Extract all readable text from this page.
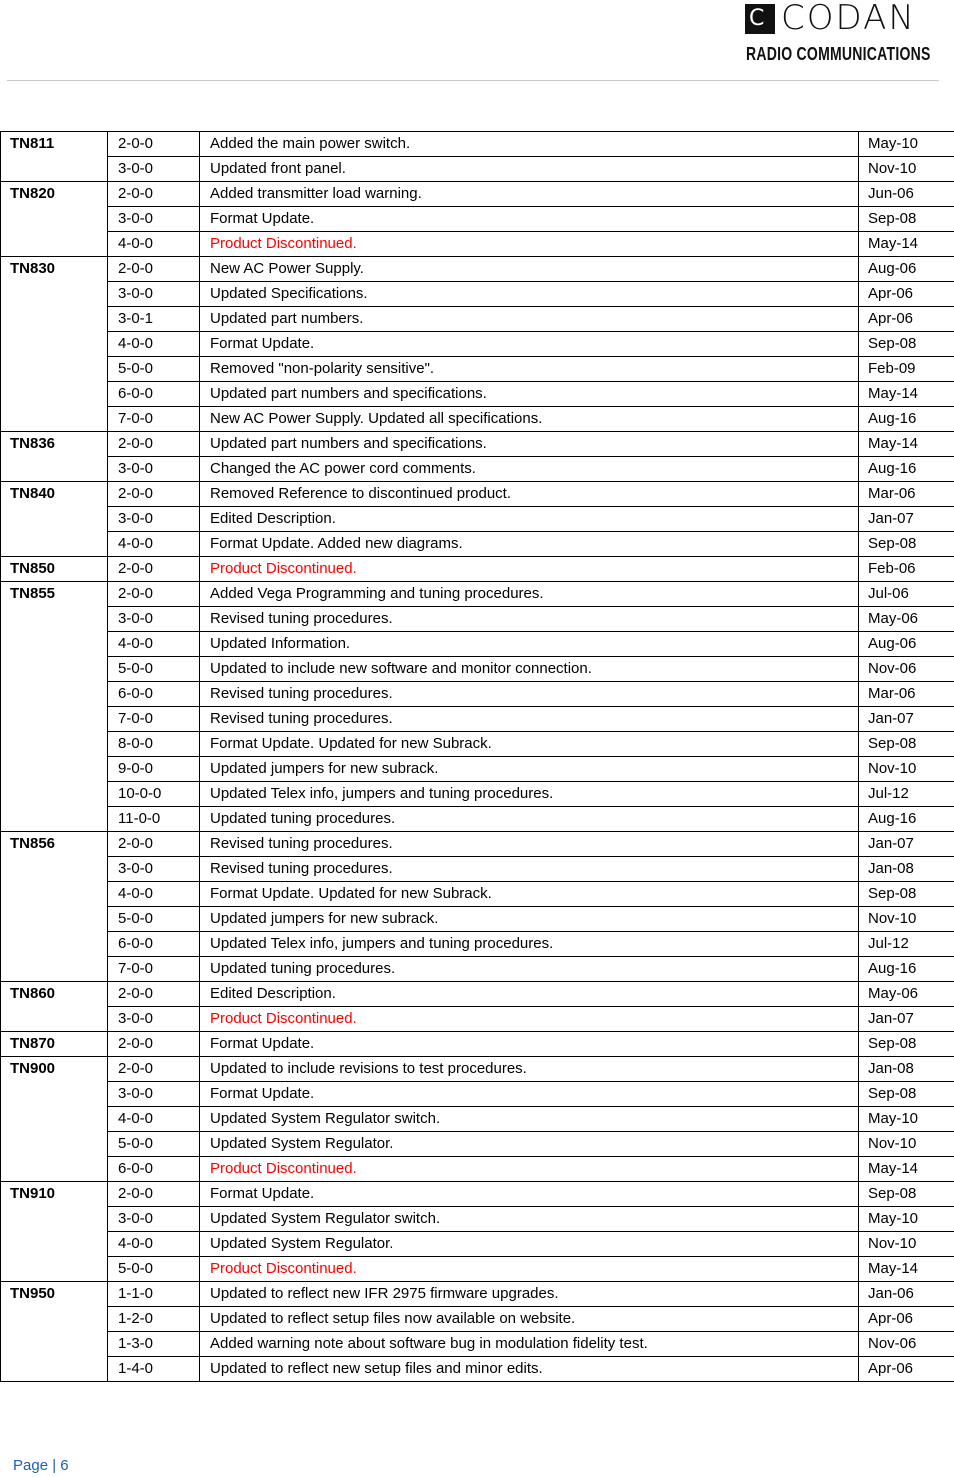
C CODAN
RADIO COMMUNICATIONS
TN811	2-0-0	Added the main power switch.	May-10
	3-0-0	Updated front panel.	Nov-10
TN820	2-0-0	Added transmitter load warning.	Jun-06
	3-0-0	Format Update.	Sep-08
	4-0-0	Product Discontinued.	May-14
TN830	2-0-0	New AC Power Supply.	Aug-06
	3-0-0	Updated Specifications.	Apr-06
	3-0-1	Updated part numbers.	Apr-06
	4-0-0	Format Update.	Sep-08
	5-0-0	Removed "non-polarity sensitive".	Feb-09
	6-0-0	Updated part numbers and specifications.	May-14
	7-0-0	New AC Power Supply. Updated all specifications.	Aug-16
TN836	2-0-0	Updated part numbers and specifications.	May-14
	3-0-0	Changed the AC power cord comments.	Aug-16
TN840	2-0-0	Removed Reference to discontinued product.	Mar-06
	3-0-0	Edited Description.	Jan-07
	4-0-0	Format Update. Added new diagrams.	Sep-08
TN850	2-0-0	Product Discontinued.	Feb-06
TN855	2-0-0	Added Vega Programming and tuning procedures.	Jul-06
	3-0-0	Revised tuning procedures.	May-06
	4-0-0	Updated Information.	Aug-06
	5-0-0	Updated to include new software and monitor connection.	Nov-06
	6-0-0	Revised tuning procedures.	Mar-06
	7-0-0	Revised tuning procedures.	Jan-07
	8-0-0	Format Update. Updated for new Subrack.	Sep-08
	9-0-0	Updated jumpers for new subrack.	Nov-10
	10-0-0	Updated Telex info, jumpers and tuning procedures.	Jul-12
	11-0-0	Updated tuning procedures.	Aug-16
TN856	2-0-0	Revised tuning procedures.	Jan-07
	3-0-0	Revised tuning procedures.	Jan-08
	4-0-0	Format Update. Updated for new Subrack.	Sep-08
	5-0-0	Updated jumpers for new subrack.	Nov-10
	6-0-0	Updated Telex info, jumpers and tuning procedures.	Jul-12
	7-0-0	Updated tuning procedures.	Aug-16
TN860	2-0-0	Edited Description.	May-06
	3-0-0	Product Discontinued.	Jan-07
TN870	2-0-0	Format Update.	Sep-08
TN900	2-0-0	Updated to include revisions to test procedures.	Jan-08
	3-0-0	Format Update.	Sep-08
	4-0-0	Updated System Regulator switch.	May-10
	5-0-0	Updated System Regulator.	Nov-10
	6-0-0	Product Discontinued.	May-14
TN910	2-0-0	Format Update.	Sep-08
	3-0-0	Updated System Regulator switch.	May-10
	4-0-0	Updated System Regulator.	Nov-10
	5-0-0	Product Discontinued.	May-14
TN950	1-1-0	Updated to reflect new IFR 2975 firmware upgrades.	Jan-06
	1-2-0	Updated to reflect setup files now available on website.	Apr-06
	1-3-0	Added warning note about software bug in modulation fidelity test.	Nov-06
	1-4-0	Updated to reflect new setup files and minor edits.	Apr-06
Page | 6
